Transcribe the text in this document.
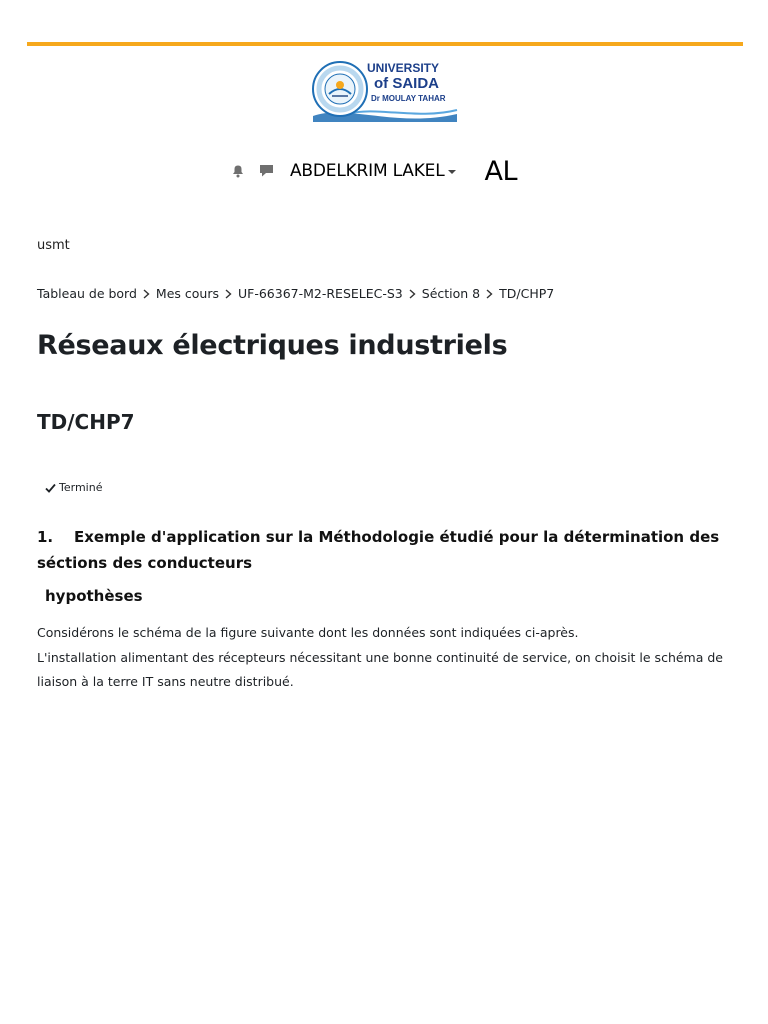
UNIVERSITY
of SAIDA
Dr MOULAY TAHAR
ABDELKRIM LAKEL AL
usmt
Tableau de bord Mes cours UF-66367-M2-RESELEC-S3 Séction 8 TD/CHP7
Réseaux électriques industriels
TD/CHP7
Terminé
1. Exemple d'application sur la Méthodologie étudié pour la détermination des séctions des conducteurs
hypothèses

Considérons le schéma de la figure suivante dont les données sont indiquées ci-après.

L'installation alimentant des récepteurs nécessitant une bonne continuité de service, on choisit le schéma de liaison à la terre IT sans neutre distribué.
